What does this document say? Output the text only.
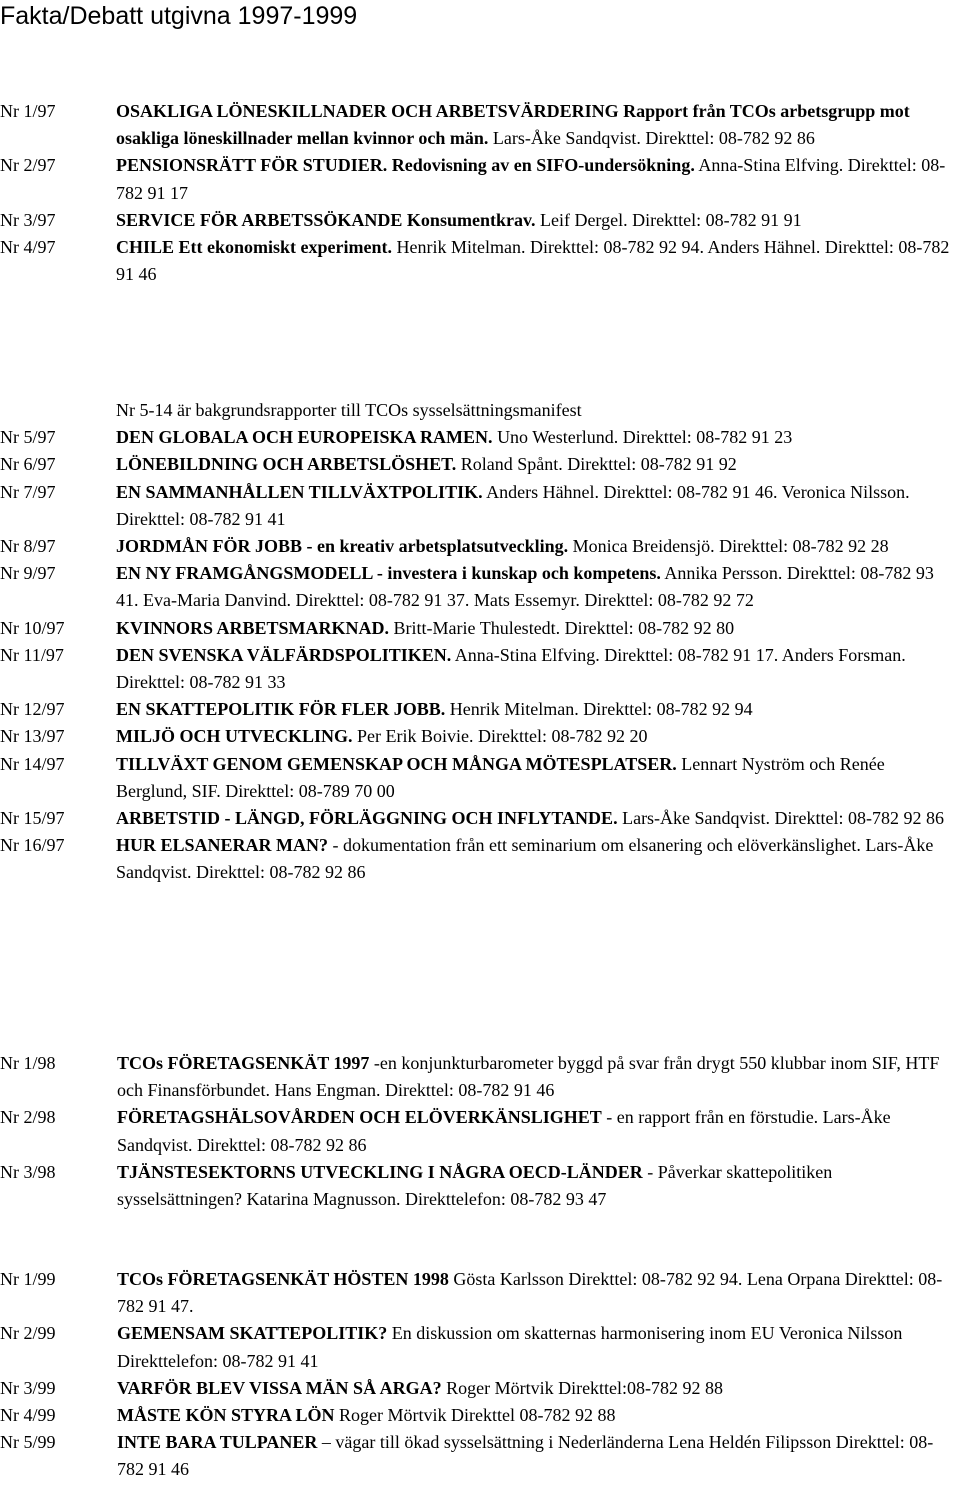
Fakta/Debatt utgivna 1997-1999
Nr 1/97	OSAKLIGA LÖNESKILLNADER OCH ARBETSVÄRDERING Rapport från TCOs arbetsgrupp mot osakliga löneskillnader mellan kvinnor och män. Lars-Åke Sandqvist. Direkttel: 08-782 92 86
Nr 2/97	PENSIONSRÄTT FÖR STUDIER. Redovisning av en SIFO-undersökning. Anna-Stina Elfving. Direkttel: 08-782 91 17
Nr 3/97	SERVICE FÖR ARBETSSÖKANDE Konsumentkrav. Leif Dergel. Direkttel: 08-782 91 91
Nr 4/97	CHILE Ett ekonomiskt experiment. Henrik Mitelman. Direkttel: 08-782 92 94. Anders Hähnel. Direkttel: 08-782 91 46
Nr 5-14 är bakgrundsrapporter till TCOs sysselsättningsmanifest
Nr 5/97	DEN GLOBALA OCH EUROPEISKA RAMEN. Uno Westerlund. Direkttel: 08-782 91 23
Nr 6/97	LÖNEBILDNING OCH ARBETSLÖSHET. Roland Spånt. Direkttel: 08-782 91 92
Nr 7/97	EN SAMMANHÅLLEN TILLVÄXTPOLITIK. Anders Hähnel. Direkttel: 08-782 91 46. Veronica Nilsson. Direkttel: 08-782 91 41
Nr 8/97	JORDMÅN FÖR JOBB - en kreativ arbetsplatsutveckling. Monica Breidensjö. Direkttel: 08-782 92 28
Nr 9/97	EN NY FRAMGÅNGSMODELL - investera i kunskap och kompetens. Annika Persson. Direkttel: 08-782 93 41. Eva-Maria Danvind. Direkttel: 08-782 91 37. Mats Essemyr. Direkttel: 08-782 92 72
Nr 10/97	KVINNORS ARBETSMARKNAD. Britt-Marie Thulestedt. Direkttel: 08-782 92 80
Nr 11/97	DEN SVENSKA VÄLFÄRDSPOLITIKEN. Anna-Stina Elfving. Direkttel: 08-782 91 17. Anders Forsman. Direkttel: 08-782 91 33
Nr 12/97	EN SKATTEPOLITIK FÖR FLER JOBB. Henrik Mitelman. Direkttel: 08-782 92 94
Nr 13/97	MILJÖ OCH UTVECKLING. Per Erik Boivie. Direkttel: 08-782 92 20
Nr 14/97	TILLVÄXT GENOM GEMENSKAP OCH MÅNGA MÖTESPLATSER. Lennart Nyström och Renée Berglund, SIF. Direkttel: 08-789 70 00
Nr 15/97	ARBETSTID - LÄNGD, FÖRLÄGGNING OCH INFLYTANDE. Lars-Åke Sandqvist. Direkttel: 08-782 92 86
Nr 16/97	HUR ELSANERAR MAN? - dokumentation från ett seminarium om elsanering och elöverkänslighet. Lars-Åke Sandqvist. Direkttel: 08-782 92 86
Nr 1/98	TCOs FÖRETAGSENKÄT 1997 -en konjunkturbarometer byggd på svar från drygt 550 klubbar inom SIF, HTF och Finansförbundet. Hans Engman. Direkttel: 08-782 91 46
Nr 2/98	FÖRETAGSHÄLSOVÅRDEN OCH ELÖVERKÄNSLIGHET - en rapport från en förstudie. Lars-Åke Sandqvist. Direkttel: 08-782 92 86
Nr 3/98	TJÄNSTESEKTORNS UTVECKLING I NÅGRA OECD-LÄNDER - Påverkar skattepolitiken sysselsättningen? Katarina Magnusson. Direkttelefon: 08-782 93 47
Nr 1/99	TCOs FÖRETAGSENKÄT HÖSTEN 1998 Gösta Karlsson Direkttel: 08-782 92 94. Lena Orpana Direkttel: 08-782 91 47.
Nr 2/99	GEMENSAM SKATTEPOLITIK? En diskussion om skatternas harmonisering inom EU Veronica Nilsson Direkttelefon: 08-782 91 41
Nr 3/99	VARFÖR BLEV VISSA MÄN SÅ ARGA? Roger Mörtvik Direkttel:08-782 92 88
Nr 4/99	MÅSTE KÖN STYRA LÖN Roger Mörtvik Direkttel 08-782 92 88
Nr 5/99	INTE BARA TULPANER – vägar till ökad sysselsättning i Nederländerna Lena Heldén Filipsson Direkttel: 08-782 91 46
